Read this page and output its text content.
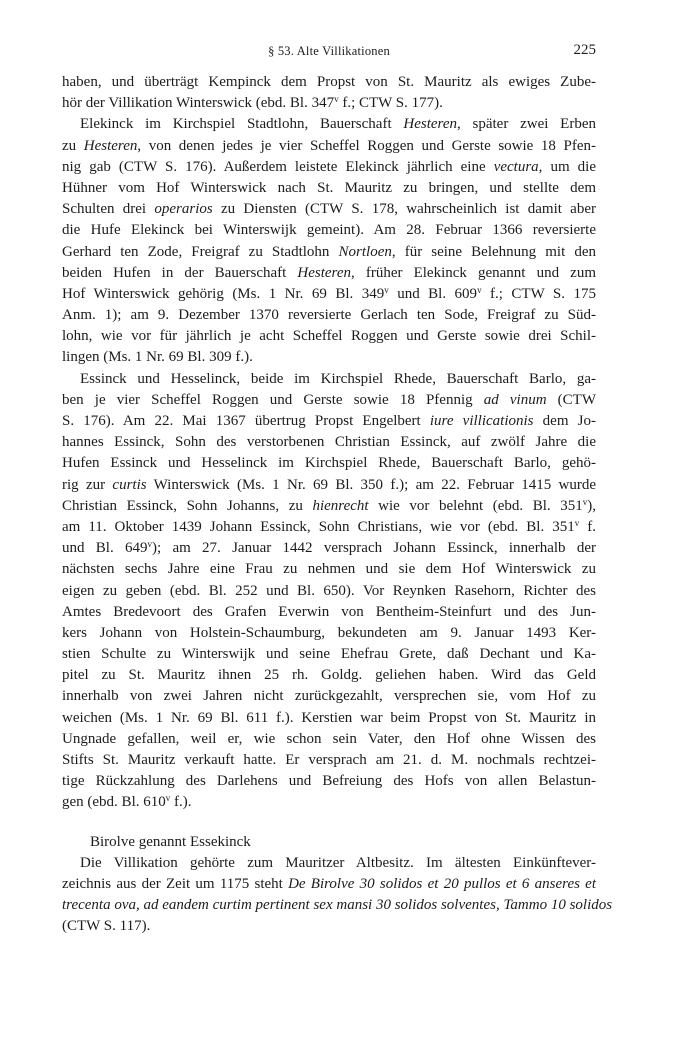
§ 53. Alte Villikationen	225
haben, und überträgt Kempinck dem Propst von St. Mauritz als ewiges Zube-
hör der Villikation Winterswick (ebd. Bl. 347$^v$ f.; CTW S. 177).
Elekinck im Kirchspiel Stadtlohn, Bauerschaft Hesteren, später zwei Erben
zu Hesteren, von denen jedes je vier Scheffel Roggen und Gerste sowie 18 Pfen-
nig gab (CTW S. 176). Außerdem leistete Elekinck jährlich eine vectura, um die
Hühner vom Hof Winterswick nach St. Mauritz zu bringen, und stellte dem
Schulten drei operarios zu Diensten (CTW S. 178, wahrscheinlich ist damit aber
die Hufe Elekinck bei Winterswijk gemeint). Am 28. Februar 1366 reversierte
Gerhard ten Zode, Freigraf zu Stadtlohn Nortloen, für seine Belehnung mit den
beiden Hufen in der Bauerschaft Hesteren, früher Elekinck genannt und zum
Hof Winterswick gehörig (Ms. 1 Nr. 69 Bl. 349$^v$ und Bl. 609$^v$ f.; CTW S. 175
Anm. 1); am 9. Dezember 1370 reversierte Gerlach ten Sode, Freigraf zu Süd-
lohn, wie vor für jährlich je acht Scheffel Roggen und Gerste sowie drei Schil-
lingen (Ms. 1 Nr. 69 Bl. 309 f.).
Essinck und Hesselinck, beide im Kirchspiel Rhede, Bauerschaft Barlo, ga-
ben je vier Scheffel Roggen und Gerste sowie 18 Pfennig ad vinum (CTW
S. 176). Am 22. Mai 1367 übertrug Propst Engelbert iure villicationis dem Jo-
hannes Essinck, Sohn des verstorbenen Christian Essinck, auf zwölf Jahre die
Hufen Essinck und Hesselinck im Kirchspiel Rhede, Bauerschaft Barlo, gehö-
rig zur curtis Winterswick (Ms. 1 Nr. 69 Bl. 350 f.); am 22. Februar 1415 wurde
Christian Essinck, Sohn Johanns, zu hienrecht wie vor belehnt (ebd. Bl. 351$^v$),
am 11. Oktober 1439 Johann Essinck, Sohn Christians, wie vor (ebd. Bl. 351$^v$ f.
und Bl. 649$^v$); am 27. Januar 1442 versprach Johann Essinck, innerhalb der
nächsten sechs Jahre eine Frau zu nehmen und sie dem Hof Winterswick zu
eigen zu geben (ebd. Bl. 252 und Bl. 650). Vor Reynken Rasehorn, Richter des
Amtes Bredevoort des Grafen Everwin von Bentheim-Steinfurt und des Jun-
kers Johann von Holstein-Schaumburg, bekundeten am 9. Januar 1493 Ker-
stien Schulte zu Winterswijk und seine Ehefrau Grete, daß Dechant und Ka-
pitel zu St. Mauritz ihnen 25 rh. Goldg. geliehen haben. Wird das Geld
innerhalb von zwei Jahren nicht zurückgezahlt, versprechen sie, vom Hof zu
weichen (Ms. 1 Nr. 69 Bl. 611 f.). Kerstien war beim Propst von St. Mauritz in
Ungnade gefallen, weil er, wie schon sein Vater, den Hof ohne Wissen des
Stifts St. Mauritz verkauft hatte. Er versprach am 21. d. M. nochmals rechtzei-
tige Rückzahlung des Darlehens und Befreiung des Hofs von allen Belastun-
gen (ebd. Bl. 610$^v$ f.).
Birolve genannt Essekinck
Die Villikation gehörte zum Mauritzer Altbesitz. Im ältesten Einkünftever-
zeichnis aus der Zeit um 1175 steht De Birolve 30 solidos et 20 pullos et 6 anseres et
trecenta ova, ad eandem curtim pertinent sex mansi 30 solidos solventes, Tammo 10 solidos
(CTW S. 117).
